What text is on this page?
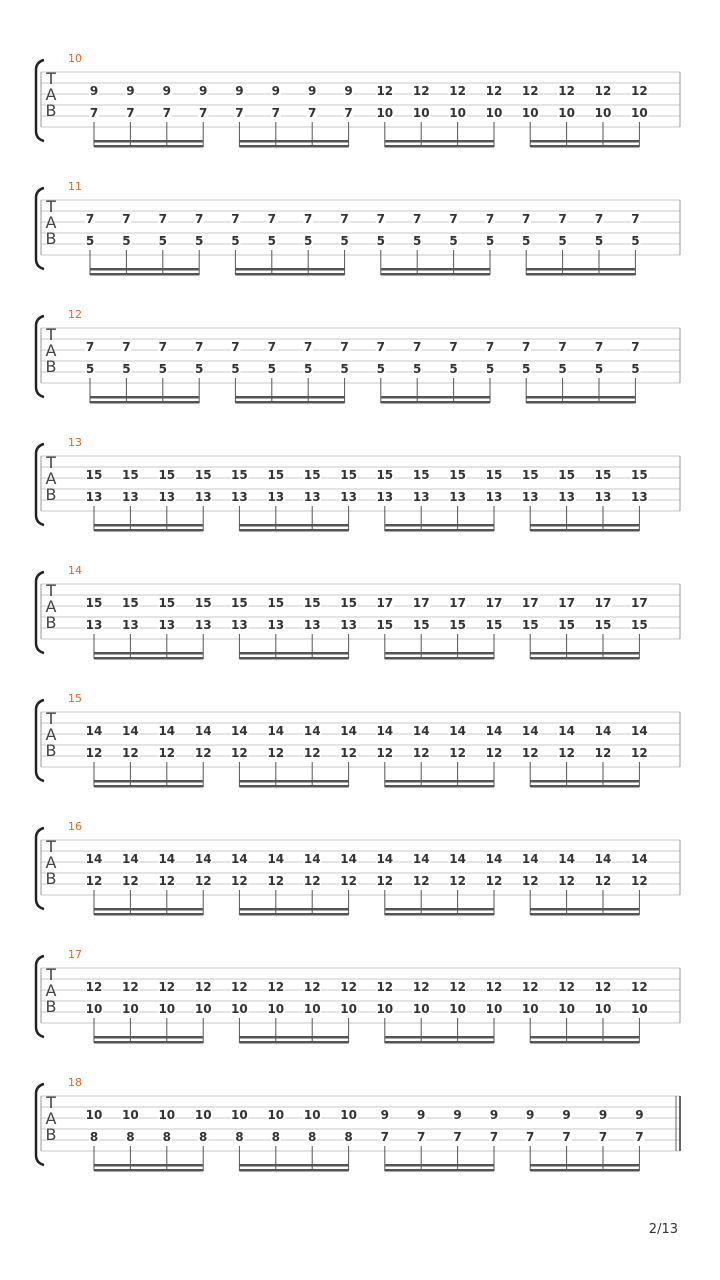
10
T
A
B
9
7
9
7
9
7
9
7
9
7
9
7
9
7
9
7
12
10
12
10
12
10
12
10
12
10
12
10
12
10
12
10
11
T
A
B
7
5
7
5
7
5
7
5
7
5
7
5
7
5
7
5
7
5
7
5
7
5
7
5
7
5
7
5
7
5
7
5
12
T
A
B
7
5
7
5
7
5
7
5
7
5
7
5
7
5
7
5
7
5
7
5
7
5
7
5
7
5
7
5
7
5
7
5
13
T
A
B
15
13
15
13
15
13
15
13
15
13
15
13
15
13
15
13
15
13
15
13
15
13
15
13
15
13
15
13
15
13
15
13
14
T
A
B
15
13
15
13
15
13
15
13
15
13
15
13
15
13
15
13
17
15
17
15
17
15
17
15
17
15
17
15
17
15
17
15
15
T
A
B
14
12
14
12
14
12
14
12
14
12
14
12
14
12
14
12
14
12
14
12
14
12
14
12
14
12
14
12
14
12
14
12
16
T
A
B
14
12
14
12
14
12
14
12
14
12
14
12
14
12
14
12
14
12
14
12
14
12
14
12
14
12
14
12
14
12
14
12
17
T
A
B
12
10
12
10
12
10
12
10
12
10
12
10
12
10
12
10
12
10
12
10
12
10
12
10
12
10
12
10
12
10
12
10
18
T
A
B
10
8
10
8
10
8
10
8
10
8
10
8
10
8
10
8
9
7
9
7
9
7
9
7
9
7
9
7
9
7
9
7
2/13
